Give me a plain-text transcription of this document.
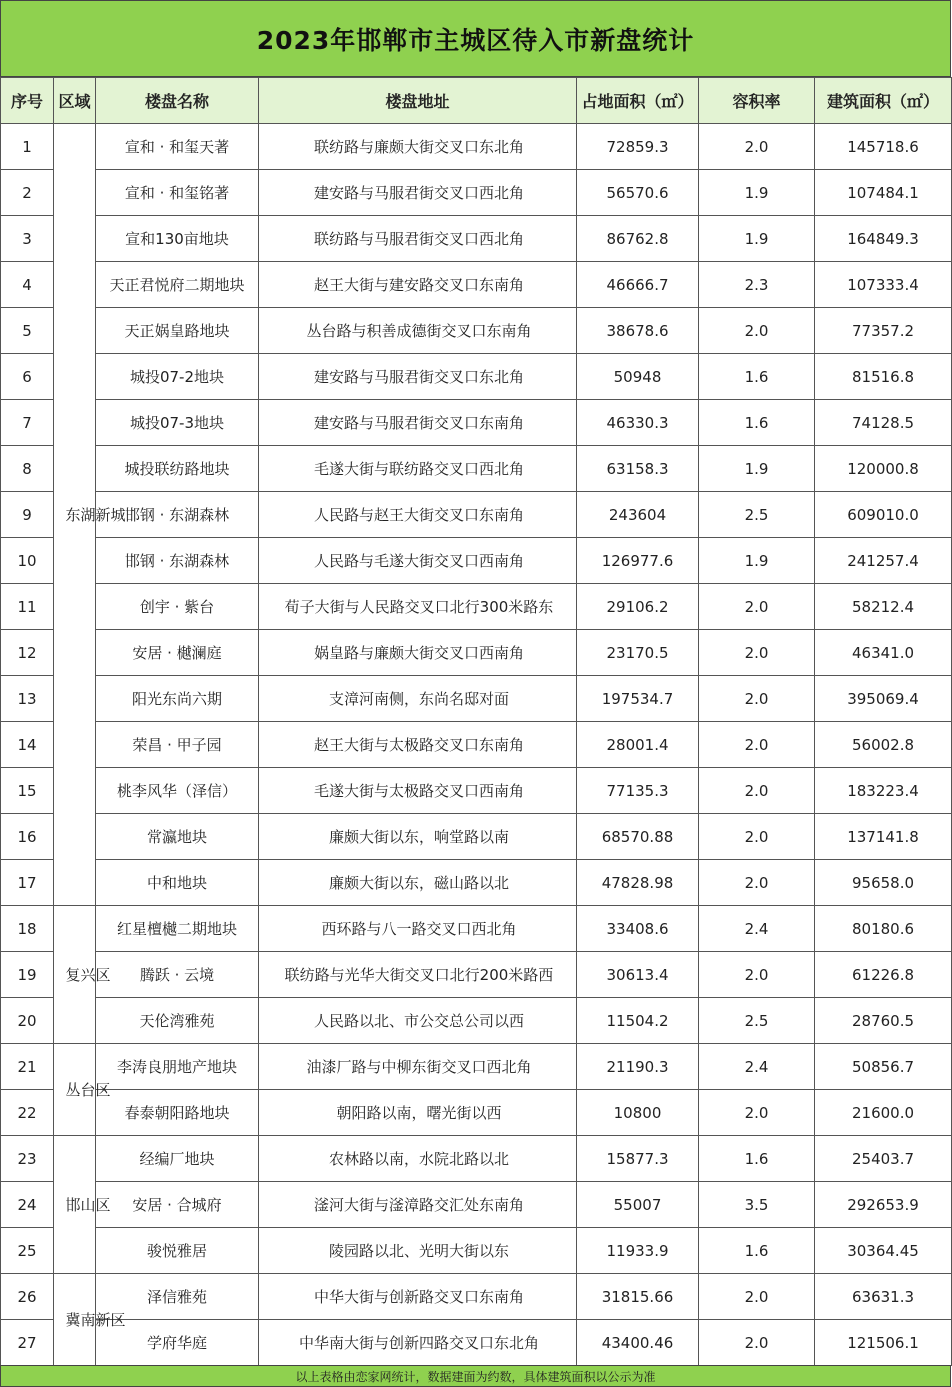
2023年邯郸市主城区待入市新盘统计
序号	区域	楼盘名称	楼盘地址	占地面积（㎡）	容积率	建筑面积（㎡）
1	东湖新城	宣和 · 和玺天著	联纺路与廉颇大街交叉口东北角	72859.3	2.0	145718.6
2		宣和 · 和玺铭著	建安路与马服君街交叉口西北角	56570.6	1.9	107484.1
3		宣和130亩地块	联纺路与马服君街交叉口西北角	86762.8	1.9	164849.3
4		天正君悦府二期地块	赵王大街与建安路交叉口东南角	46666.7	2.3	107333.4
5		天正娲皇路地块	丛台路与积善成德街交叉口东南角	38678.6	2.0	77357.2
6		城投07-2地块	建安路与马服君街交叉口东北角	50948	1.6	81516.8
7		城投07-3地块	建安路与马服君街交叉口东南角	46330.3	1.6	74128.5
8		城投联纺路地块	毛遂大街与联纺路交叉口西北角	63158.3	1.9	120000.8
9		邯钢 · 东湖森林	人民路与赵王大街交叉口东南角	243604	2.5	609010.0
10		邯钢 · 东湖森林	人民路与毛遂大街交叉口西南角	126977.6	1.9	241257.4
11		创宇 · 紫台	荀子大街与人民路交叉口北行300米路东	29106.2	2.0	58212.4
12		安居 · 樾澜庭	娲皇路与廉颇大街交叉口西南角	23170.5	2.0	46341.0
13		阳光东尚六期	支漳河南侧，东尚名邸对面	197534.7	2.0	395069.4
14		荣昌 · 甲子园	赵王大街与太极路交叉口东南角	28001.4	2.0	56002.8
15		桃李风华（泽信）	毛遂大街与太极路交叉口西南角	77135.3	2.0	183223.4
16		常瀛地块	廉颇大街以东，响堂路以南	68570.88	2.0	137141.8
17		中和地块	廉颇大街以东，磁山路以北	47828.98	2.0	95658.0
18	复兴区	红星檀樾二期地块	西环路与八一路交叉口西北角	33408.6	2.4	80180.6
19		腾跃 · 云境	联纺路与光华大街交叉口北行200米路西	30613.4	2.0	61226.8
20		天伦湾雅苑	人民路以北、市公交总公司以西	11504.2	2.5	28760.5
21	丛台区	李涛良朋地产地块	油漆厂路与中柳东街交叉口西北角	21190.3	2.4	50856.7
22		春泰朝阳路地块	朝阳路以南，曙光街以西	10800	2.0	21600.0
23	邯山区	经编厂地块	农林路以南，水院北路以北	15877.3	1.6	25403.7
24		安居 · 合城府	滏河大街与滏漳路交汇处东南角	55007	3.5	292653.9
25		骏悦雅居	陵园路以北、光明大街以东	11933.9	1.6	30364.45
26	冀南新区	泽信雅苑	中华大街与创新路交叉口东南角	31815.66	2.0	63631.3
27		学府华庭	中华南大街与创新四路交叉口东北角	43400.46	2.0	121506.1
以上表格由恋家网统计，数据建面为约数，具体建筑面积以公示为准
